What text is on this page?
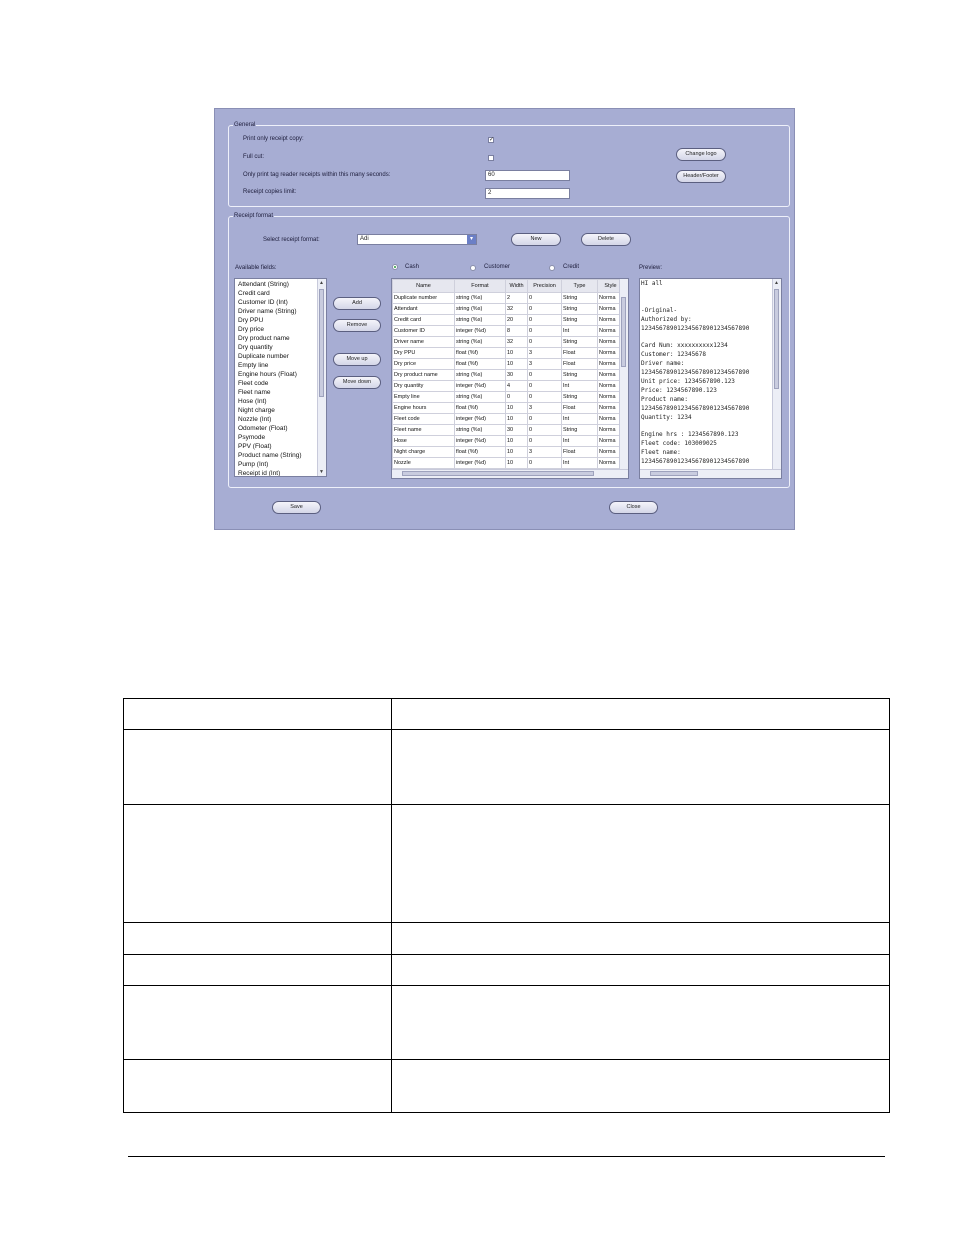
General
Print only receipt copy:	✓
Full cut:
Only print tag reader receipts within this many seconds:	60
Receipt copies limit:	2
Change logo
Header/Footer
Receipt format
Select receipt format:	Adi	▾	New	Delete
Available fields:	Cash	Customer	Credit	Preview:
Attendant (String)
Credit card
Customer ID (Int)
Driver name (String)
Dry PPU
Dry price
Dry product name
Dry quantity
Duplicate number
Empty line
Engine hours (Float)
Fleet code
Fleet name
Hose (Int)
Night charge
Nozzle (Int)
Odometer (Float)
Psymode
PPV (Float)
Product name (String)
Pump (Int)
Receipt id (Int)
▲
▼
Add
Remove
Move up
Move down
Name	Format	Width	Precision	Type	Style
Duplicate number	string (%s)	2	0	String	Norma
Attendant	string (%s)	32	0	String	Norma
Credit card	string (%s)	20	0	String	Norma
Customer ID	integer (%d)	8	0	Int	Norma
Driver name	string (%s)	32	0	String	Norma
Dry PPU	float (%f)	10	3	Float	Norma
Dry price	float (%f)	10	3	Float	Norma
Dry product name	string (%s)	30	0	String	Norma
Dry quantity	integer (%d)	4	0	Int	Norma
Empty line	string (%s)	0	0	String	Norma
Engine hours	float (%f)	10	3	Float	Norma
Fleet code	integer (%d)	10	0	Int	Norma
Fleet name	string (%s)	30	0	String	Norma
Hose	integer (%d)	10	0	Int	Norma
Night charge	float (%f)	10	3	Float	Norma
Nozzle	integer (%d)	10	0	Int	Norma
HI all

-Original-
Authorized by:
123456789012345678901234567890

Card Num: xxxxxxxxxx1234
Customer: 12345678
Driver name:
123456789012345678901234567890
Unit price: 1234567890.123
Price: 1234567890.123
Product name:
123456789012345678901234567890
Quantity: 1234

Engine hrs : 1234567890.123
Fleet code: 103009025
Fleet name:
123456789012345678901234567890
▲
Save	Close
